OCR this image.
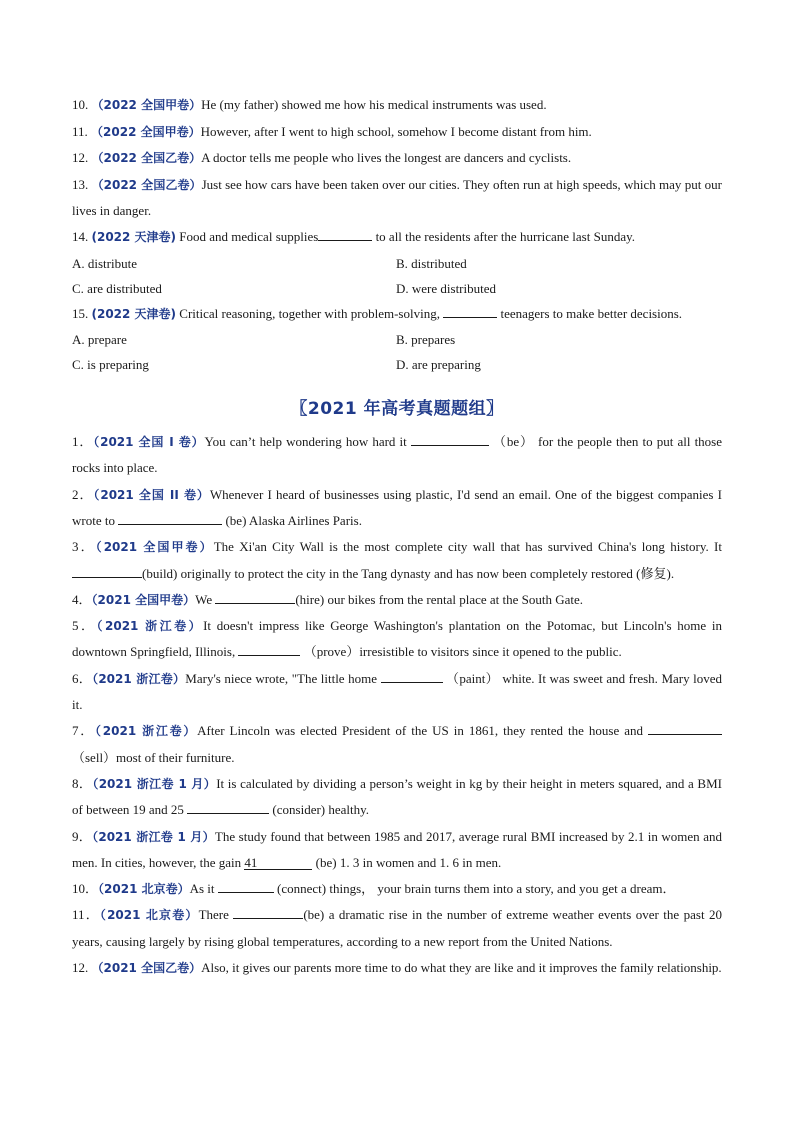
10. （2022 全国甲卷）He (my father) showed me how his medical instruments was used.
11. （2022 全国甲卷）However, after I went to high school, somehow I become distant from him.
12. （2022 全国乙卷）A doctor tells me people who lives the longest are dancers and cyclists.
13. （2022 全国乙卷）Just see how cars have been taken over our cities. They often run at high speeds, which may put our lives in danger.
14. (2022 天津卷) Food and medical supplies	to all the residents after the hurricane last Sunday.
A. distribute	B. distributed
C. are distributed	D. were distributed
15. (2022 天津卷) Critical reasoning, together with problem-solving,	teenagers to make better decisions.
A. prepare	B. prepares
C. is preparing	D. are preparing
〖2021 年高考真题题组〗
1．（2021 全国 I 卷）You can’t help wondering how hard it	（be） for the people then to put all those rocks into place.
2．（2021 全国 II 卷）Whenever I heard of businesses using plastic, I'd send an email. One of the biggest companies I wrote to	(be) Alaska Airlines Paris.
3．（2021 全国甲卷）The Xi'an City Wall is the most complete city wall that has survived China's long history. It (build) originally to protect the city in the Tang dynasty and has now been completely restored (修复).
4．（2021 全国甲卷）We	(hire) our bikes from the rental place at the South Gate.
5．（2021 浙江卷）It doesn't impress like George Washington's plantation on the Potomac, but Lincoln's home in downtown Springfield, Illinois,	（prove）irresistible to visitors since it opened to the public.
6．（2021 浙江卷）Mary's niece wrote, "The little home	（paint） white. It was sweet and fresh. Mary loved it.
7．（2021 浙江卷）After Lincoln was elected President of the US in 1861, they rented the house and  （sell）most of their furniture.
8．（2021 浙江卷 1 月）It is calculated by dividing a person’s weight in kg by their height in meters squared, and a BMI of between 19 and 25	(consider) healthy.
9．（2021 浙江卷 1 月）The study found that between 1985 and 2017, average rural BMI increased by 2.1 in women and men. In cities, however, the gain 41	(be) 1. 3 in women and 1. 6 in men.
10．（2021 北京卷）As it	(connect) things， your brain turns them into a story, and you get a dream．
11．（2021 北京卷）There	(be) a dramatic rise in the number of extreme weather events over the past 20 years, causing largely by rising global temperatures, according to a new report from the United Nations.
12. （2021 全国乙卷）Also, it gives our parents more time to do what they are like and it improves the family relationship.
